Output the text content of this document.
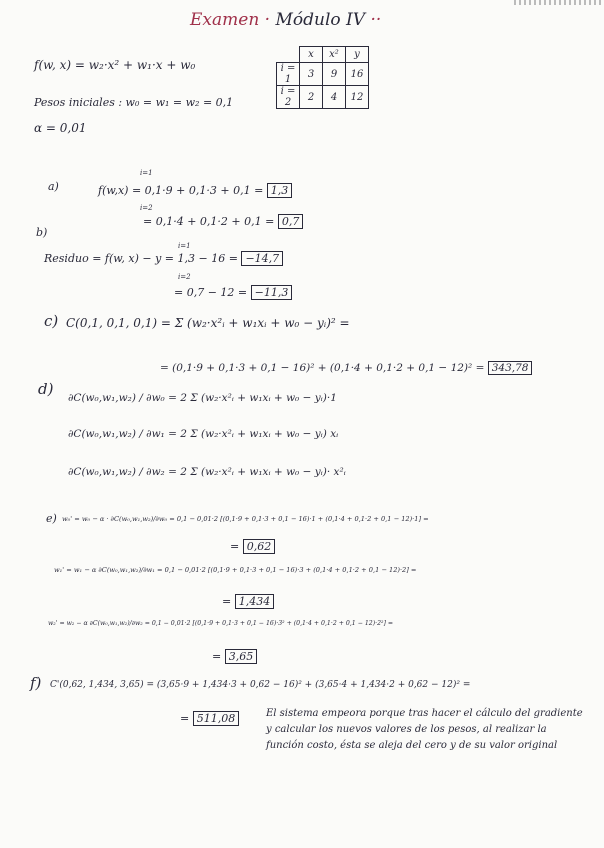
Examen · Módulo IV ··
f(w, x) = w₂·x² + w₁·x + w₀
	x	x²	y
i = 1	3	9	16
i = 2	2	4	12
Pesos iniciales : w₀ = w₁ = w₂ = 0,1
α = 0,01
a)
i=1
f(w,x) = 0,1·9 + 0,1·3 + 0,1 = 1,3
i=2
= 0,1·4 + 0,1·2 + 0,1 = 0,7
b)
i=1
Residuo = f(w, x) − y = 1,3 − 16 = −14,7
i=2
= 0,7 − 12 = −11,3
c) C(0,1, 0,1, 0,1) = Σ (w₂·x²ᵢ + w₁xᵢ + w₀ − yᵢ)² =
= (0,1·9 + 0,1·3 + 0,1 − 16)² + (0,1·4 + 0,1·2 + 0,1 − 12)² = 343,78
d) ∂C(w₀,w₁,w₂) / ∂w₀ = 2 Σ (w₂·x²ᵢ + w₁xᵢ + w₀ − yᵢ)·1
∂C(w₀,w₁,w₂) / ∂w₁ = 2 Σ (w₂·x²ᵢ + w₁xᵢ + w₀ − yᵢ) xᵢ
∂C(w₀,w₁,w₂) / ∂w₂ = 2 Σ (w₂·x²ᵢ + w₁xᵢ + w₀ − yᵢ)· x²ᵢ
e) w₀' = w₀ − α · ∂C(w₀,w₁,w₂)/∂w₀ = 0,1 − 0,01·2 [(0,1·9 + 0,1·3 + 0,1 − 16)·1 + (0,1·4 + 0,1·2 + 0,1 − 12)·1] =
= 0,62
w₁' = w₁ − α ∂C(w₀,w₁,w₂)/∂w₁ = 0,1 − 0,01·2 [(0,1·9 + 0,1·3 + 0,1 − 16)·3 + (0,1·4 + 0,1·2 + 0,1 − 12)·2] =
= 1,434
w₂' = w₂ − α ∂C(w₀,w₁,w₂)/∂w₂ = 0,1 − 0,01·2 [(0,1·9 + 0,1·3 + 0,1 − 16)·3² + (0,1·4 + 0,1·2 + 0,1 − 12)·2²] =
= 3,65
f) C'(0,62, 1,434, 3,65) = (3,65·9 + 1,434·3 + 0,62 − 16)² + (3,65·4 + 1,434·2 + 0,62 − 12)² =
= 511,08	El sistema empeora porque tras hacer el cálculo del gradiente y calcular los nuevos valores de los pesos, al realizar la función costo, ésta se aleja del cero y de su valor original
